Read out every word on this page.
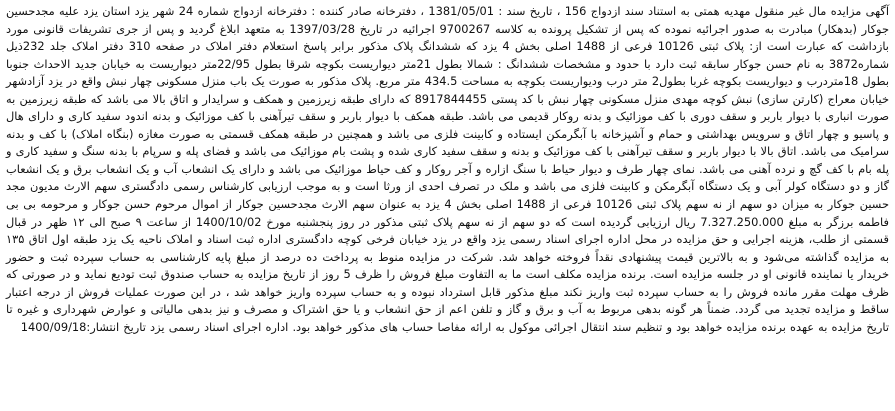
آگهی مزایده مال غیر منقول مهدیه همتی به استناد سند ازدواج 156 ، تاریخ سند : 1381/05/01 ، دفترخانه صادر کننده : دفترخانه ازدواج شماره 24 شهر یزد استان یزد علیه مجدحسین جوکار (بدهکار) مبادرت به صدور اجرائیه نموده که پس از تشکیل پرونده به کلاسه 9700267 اجرائیه در تاریخ 1397/03/28 به متعهد ابلاغ گردید و پس از جری تشریفات قانونی مورد بازداشت که عبارت است از: پلاک ثبتی 10126 فرعی از 1488 اصلی بخش 4 یزد که ششدانگ پلاک مذکور برابر پاسخ استعلام دفتر املاک در صفحه 310 دفتر املاک جلد 232ذیل شماره3872 به نام حسن جوکار سابقه ثبت دارد با حدود و مشخصات ششدانگ : شمالا بطول 21متر دیواریست بکوچه شرقا بطول 22/95متر دیواریست به خیابان جدید الاحداث جنوبا بطول 18متردرب و دیواریست بکوچه غربا بطول2 متر درب ودیواریست بکوچه به مساحت 434.5 متر مربع. پلاک مذکور به صورت یک باب منزل مسکونی چهار نبش واقع در یزد آزادشهر خیابان معراج (کارتن سازی) نبش کوچه مهدی منزل مسکونی چهار نبش با کد پستی 8917844455 که دارای طبقه زیرزمین و همکف و سرایدار و اتاق بالا می باشد که طبقه زیرزمین به صورت انباری با دیوار باربر و سقف دوری با کف موزائیک و بدنه روکار قدیمی می باشد. طبقه همکف با دیوار باربر و سقف تیرآهنی با کف موزائیک و بدنه اندود سفید کاری و دارای هال و پاسیو و چهار اتاق و سرویس بهداشتی و حمام و آشپزخانه با آبگرمکن ایستاده و کابینت فلزی می باشد و همچنین در طبقه همکف قسمتی به صورت مغازه (بنگاه املاک) با کف و بدنه سرامیک می باشد. اتاق بالا با دیوار باربر و سقف تیرآهنی با کف موزائیک و بدنه و سقف سفید کاری شده و پشت بام موزائیک می باشد و فضای پله و سرپام با بدنه سنگ و سفید کاری و پله بام با کف گچ و نرده آهنی می باشد. نمای چهار طرف و دیوار حیاط با سنگ ازاره و آجر روکار و کف حیاط موزائیک می باشد و دارای یک انشعاب آب و یک انشعاب برق و یک انشعاب گاز و دو دستگاه کولر آبی و یک دستگاه آبگرمکن و کابینت فلزی می باشد و ملک در تصرف احدی از ورثا است و به موجب ارزیابی کارشناس رسمی دادگستری سهم الارث مدیون مجد حسین جوکار به میزان دو سهم از نه سهم پلاک ثبتی 10126 فرعی از 1488 اصلی بخش 4 یزد به عنوان سهم الارث مجدحسین جوکار از اموال مرحوم حسن جوکار و مرحومه بی بی فاطمه برزگر به مبلغ 7.327.250.000 ریال ارزیابی گردیده است که دو سهم از نه سهم پلاک ثبتی مذکور در روز پنجشنبه مورخ 1400/10/02 از ساعت ۹ صبح الی ۱۲ ظهر در قبال قسمتی از طلب، هزینه اجرایی و حق مزایده در محل اداره اجرای اسناد رسمی یزد واقع در یزد خیابان فرخی کوچه دادگستری اداره ثبت اسناد و املاک ناحیه یک یزد طبقه اول اتاق ۱۳۵ به مزایده گذاشته می‌شود و به بالاترین قیمت پیشنهادی نقداً فروخته خواهد شد. شرکت در مزایده منوط به پرداخت ده درصد از مبلغ پایه کارشناسی به حساب سپرده ثبت و حضور خریدار یا نماینده قانونی او در جلسه مزایده است. برنده مزایده مکلف است ما به التفاوت مبلغ فروش را ظرف 5 روز از تاریخ مزایده به حساب صندوق ثبت تودیع نماید و در صورتی که ظرف مهلت مقرر مانده فروش را به حساب سپرده ثبت واریز نکند مبلغ مذکور قابل استرداد نبوده و به حساب سپرده واریز خواهد شد ، در این صورت عملیات فروش از درجه اعتبار ساقط و مزایده تجدید می گردد. ضمناً هر گونه بدهی مربوط به آب و برق و گاز و تلفن اعم از حق انشعاب و یا حق اشتراک و مصرف و نیز بدهی مالیاتی و عوارض شهرداری و غیره تا تاریخ مزایده به عهده برنده مزایده خواهد بود و تنظیم سند انتقال اجرائی موکول به ارائه مفاصا حساب های مذکور خواهد بود. اداره اجرای اسناد رسمی یزد تاریخ انتشار:1400/09/18
